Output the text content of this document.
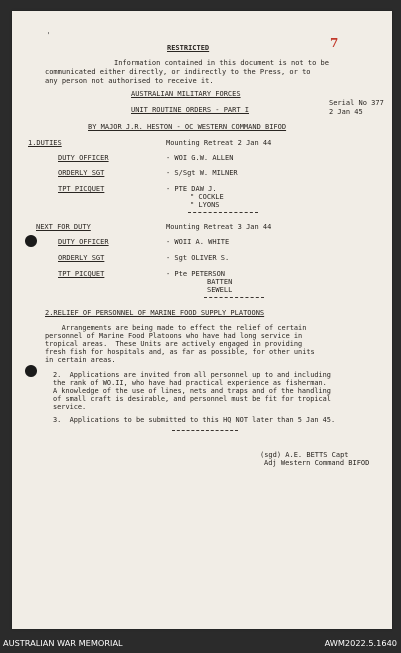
'
RESTRICTED	7
Information contained in this document is not to be
communicated either directly, or indirectly to the Press, or to
any person not authorised to receive it.
AUSTRALIAN MILITARY FORCES
UNIT ROUTINE ORDERS - PART I
Serial No 377
2 Jan 45
BY MAJOR J.R. HESTON - OC WESTERN COMMAND BIFOD
1.DUTIES	Mounting Retreat 2 Jan 44
DUTY OFFICER	- WOI G.W. ALLEN
ORDERLY SGT	- S/Sgt W. MILNER
TPT PICQUET	- PTE DAW J.
" COCKLE
" LYONS
NEXT FOR DUTY	Mounting Retreat 3 Jan 44
DUTY OFFICER	- WOII A. WHITE
ORDERLY SGT	- Sgt OLIVER S.
TPT PICQUET	- Pte PETERSON
BATTEN
SEWELL
2.RELIEF OF PERSONNEL OF MARINE FOOD SUPPLY PLATOONS
Arrangements are being made to effect the relief of certain
personnel of Marine Food Platoons who have had long service in
tropical areas.  These Units are actively engaged in providing
fresh fish for hospitals and, as far as possible, for other units
in certain areas.
2.  Applications are invited from all personnel up to and including
the rank of WO.II, who have had practical experience as fisherman.
A knowledge of the use of lines, nets and traps and of the handling
of small craft is desirable, and personnel must be fit for tropical
service.
3.  Applications to be submitted to this HQ NOT later than 5 Jan 45.
(sgd) A.E. BETTS Capt
Adj Western Command BIFOD
AUSTRALIAN WAR MEMORIAL	AWM2022.5.1640
